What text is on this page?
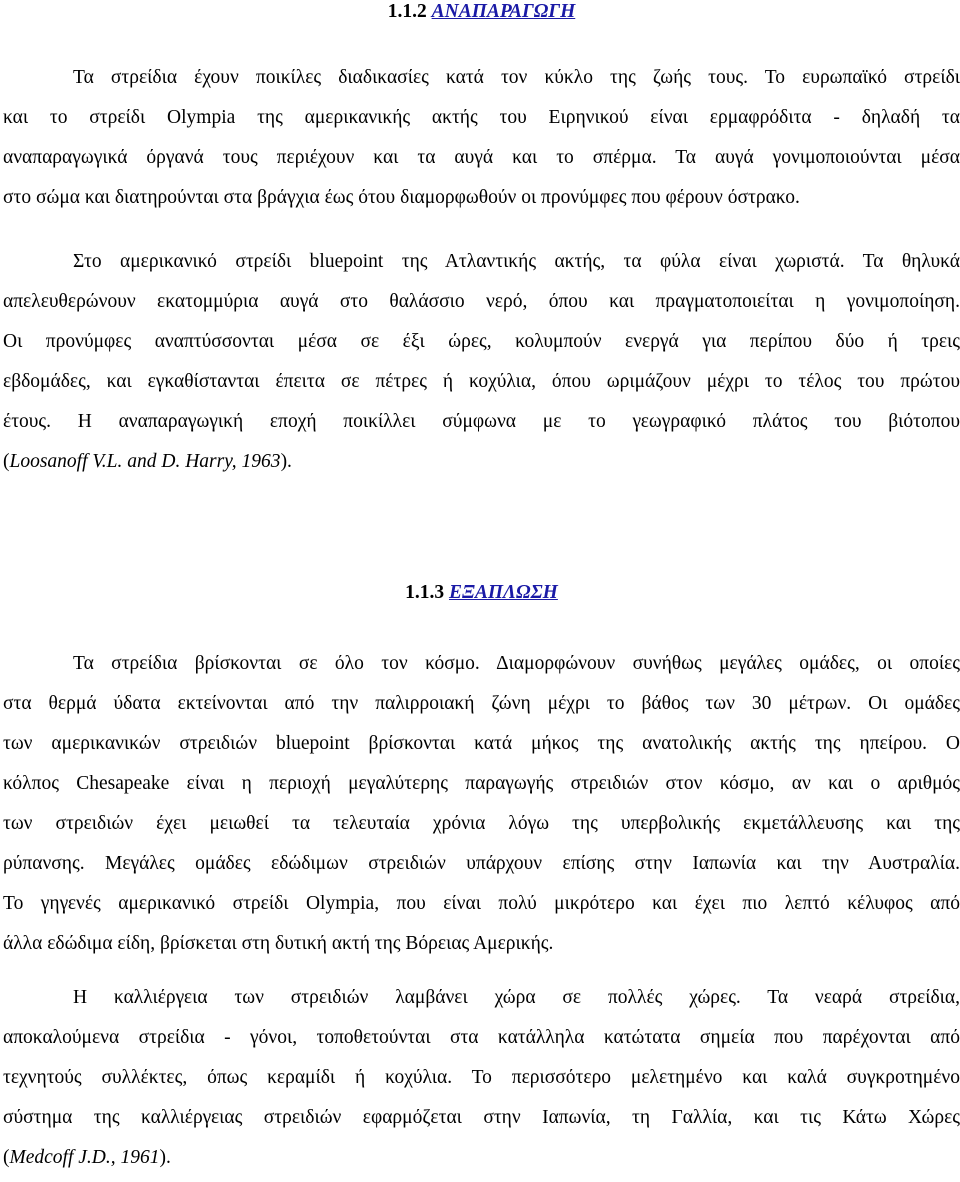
1.1.2 ΑΝΑΠΑΡΑΓΩΓΗ

Τα στρείδια έχουν ποικίλες διαδικασίες κατά τον κύκλο της ζωής τους. Το ευρωπαϊκό στρείδι
και το στρείδι Olympia της αμερικανικής ακτής του Ειρηνικού είναι ερμαφρόδιτα - δηλαδή τα
αναπαραγωγικά όργανά τους περιέχουν και τα αυγά και το σπέρμα. Τα αυγά γονιμοποιούνται μέσα
στο σώμα και διατηρούνται στα βράγχια έως ότου διαμορφωθούν οι προνύμφες που φέρουν όστρακο.

Στο αμερικανικό στρείδι bluepoint της Ατλαντικής ακτής, τα φύλα είναι χωριστά. Τα θηλυκά
απελευθερώνουν εκατομμύρια αυγά στο θαλάσσιο νερό, όπου και πραγματοποιείται η γονιμοποίηση.
Οι προνύμφες αναπτύσσονται μέσα σε έξι ώρες, κολυμπούν ενεργά για περίπου δύο ή τρεις
εβδομάδες, και εγκαθίστανται έπειτα σε πέτρες ή κοχύλια, όπου ωριμάζουν μέχρι το τέλος του πρώτου
έτους. Η αναπαραγωγική εποχή ποικίλλει σύμφωνα με το γεωγραφικό πλάτος του βιότοπου
(Loosanoff V.L. and D. Harry, 1963).

1.1.3 ΕΞΑΠΛΩΣΗ

Τα στρείδια βρίσκονται σε όλο τον κόσμο. Διαμορφώνουν συνήθως μεγάλες ομάδες, οι οποίες
στα θερμά ύδατα εκτείνονται από την παλιρροιακή ζώνη μέχρι το βάθος των 30 μέτρων. Οι ομάδες
των αμερικανικών στρειδιών bluepoint βρίσκονται κατά μήκος της ανατολικής ακτής της ηπείρου. Ο
κόλπος Chesapeake είναι η περιοχή μεγαλύτερης παραγωγής στρειδιών στον κόσμο, αν και ο αριθμός
των στρειδιών έχει μειωθεί τα τελευταία χρόνια λόγω της υπερβολικής εκμετάλλευσης και της
ρύπανσης. Μεγάλες ομάδες εδώδιμων στρειδιών υπάρχουν επίσης στην Ιαπωνία και την Αυστραλία.
Το γηγενές αμερικανικό στρείδι Olympia, που είναι πολύ μικρότερο και έχει πιο λεπτό κέλυφος από
άλλα εδώδιμα είδη, βρίσκεται στη δυτική ακτή της Βόρειας Αμερικής.

Η καλλιέργεια των στρειδιών λαμβάνει χώρα σε πολλές χώρες. Τα νεαρά στρείδια,
αποκαλούμενα στρείδια - γόνοι, τοποθετούνται στα κατάλληλα κατώτατα σημεία που παρέχονται από
τεχνητούς συλλέκτες, όπως κεραμίδι ή κοχύλια. Το περισσότερο μελετημένο και καλά συγκροτημένο
σύστημα της καλλιέργειας στρειδιών εφαρμόζεται στην Ιαπωνία, τη Γαλλία, και τις Κάτω Χώρες
(Medcoff J.D., 1961).
